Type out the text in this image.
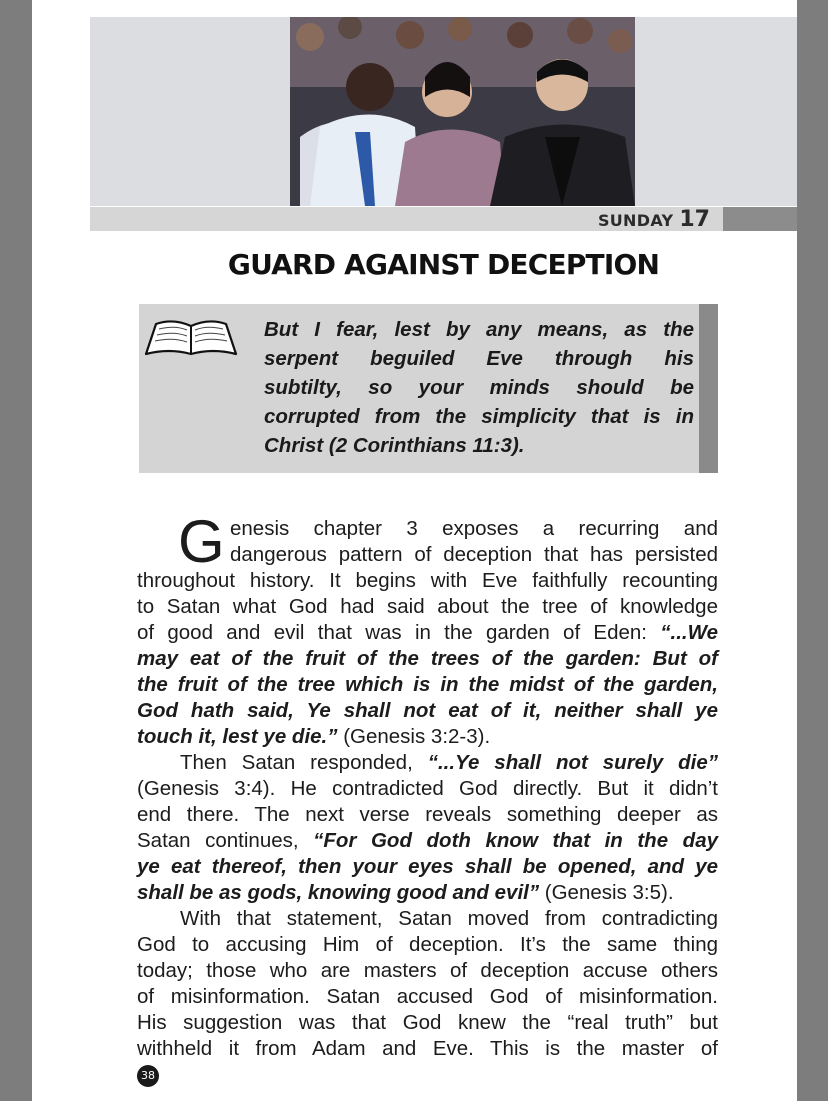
SUNDAY 17
GUARD AGAINST DECEPTION
But I fear, lest by any means, as the
serpent beguiled Eve through his
subtilty, so your minds should be
corrupted from the simplicity that is in
Christ (2 Corinthians 11:3).
G enesis chapter 3 exposes a recurring and
dangerous pattern of deception that has persisted
throughout history. It begins with Eve faithfully recounting
to Satan what God had said about the tree of knowledge
of good and evil that was in the garden of Eden: “...We
may eat of the fruit of the trees of the garden: But of
the fruit of the tree which is in the midst of the garden,
God hath said, Ye shall not eat of it, neither shall ye
touch it, lest ye die.” (Genesis 3:2-3).
Then Satan responded, “...Ye shall not surely die”
(Genesis 3:4). He contradicted God directly. But it didn’t
end there. The next verse reveals something deeper as
Satan continues, “For God doth know that in the day
ye eat thereof, then your eyes shall be opened, and ye
shall be as gods, knowing good and evil” (Genesis 3:5).
With that statement, Satan moved from contradicting
God to accusing Him of deception. It’s the same thing
today; those who are masters of deception accuse others
of misinformation. Satan accused God of misinformation.
His suggestion was that God knew the “real truth” but
withheld it from Adam and Eve. This is the master of
38
